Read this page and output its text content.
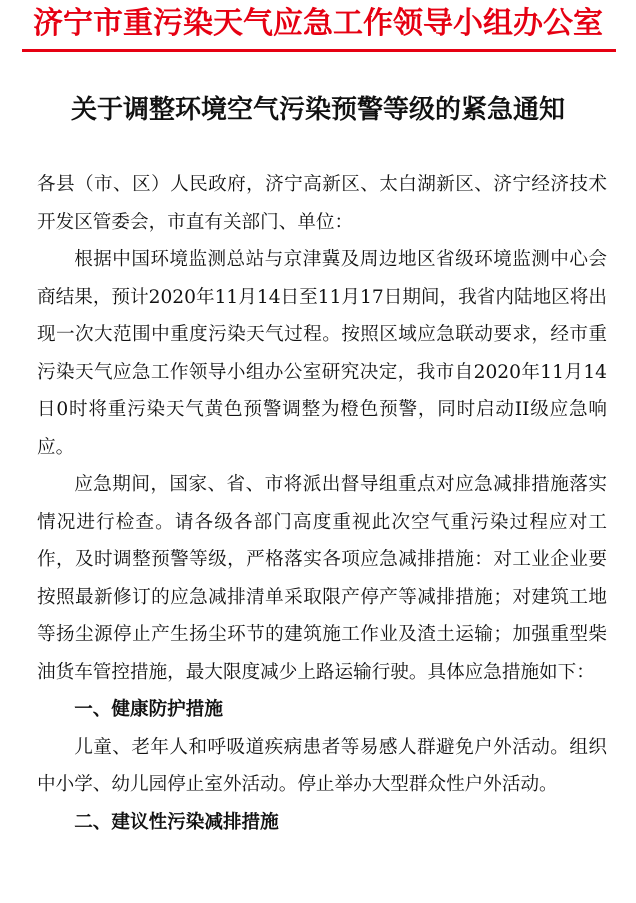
济宁市重污染天气应急工作领导小组办公室
关于调整环境空气污染预警等级的紧急通知

各县（市、区）人民政府，济宁高新区、太白湖新区、济宁经济技术开发区管委会，市直有关部门、单位：

根据中国环境监测总站与京津冀及周边地区省级环境监测中心会商结果，预计2020年11月14日至11月17日期间，我省内陆地区将出现一次大范围中重度污染天气过程。按照区域应急联动要求，经市重污染天气应急工作领导小组办公室研究决定，我市自2020年11月14日0时将重污染天气黄色预警调整为橙色预警，同时启动II级应急响应。

应急期间，国家、省、市将派出督导组重点对应急减排措施落实情况进行检查。请各级各部门高度重视此次空气重污染过程应对工作，及时调整预警等级，严格落实各项应急减排措施：对工业企业要按照最新修订的应急减排清单采取限产停产等减排措施；对建筑工地等扬尘源停止产生扬尘环节的建筑施工作业及渣土运输；加强重型柴油货车管控措施，最大限度减少上路运输行驶。具体应急措施如下：

一、健康防护措施

儿童、老年人和呼吸道疾病患者等易感人群避免户外活动。组织中小学、幼儿园停止室外活动。停止举办大型群众性户外活动。

二、建议性污染减排措施
